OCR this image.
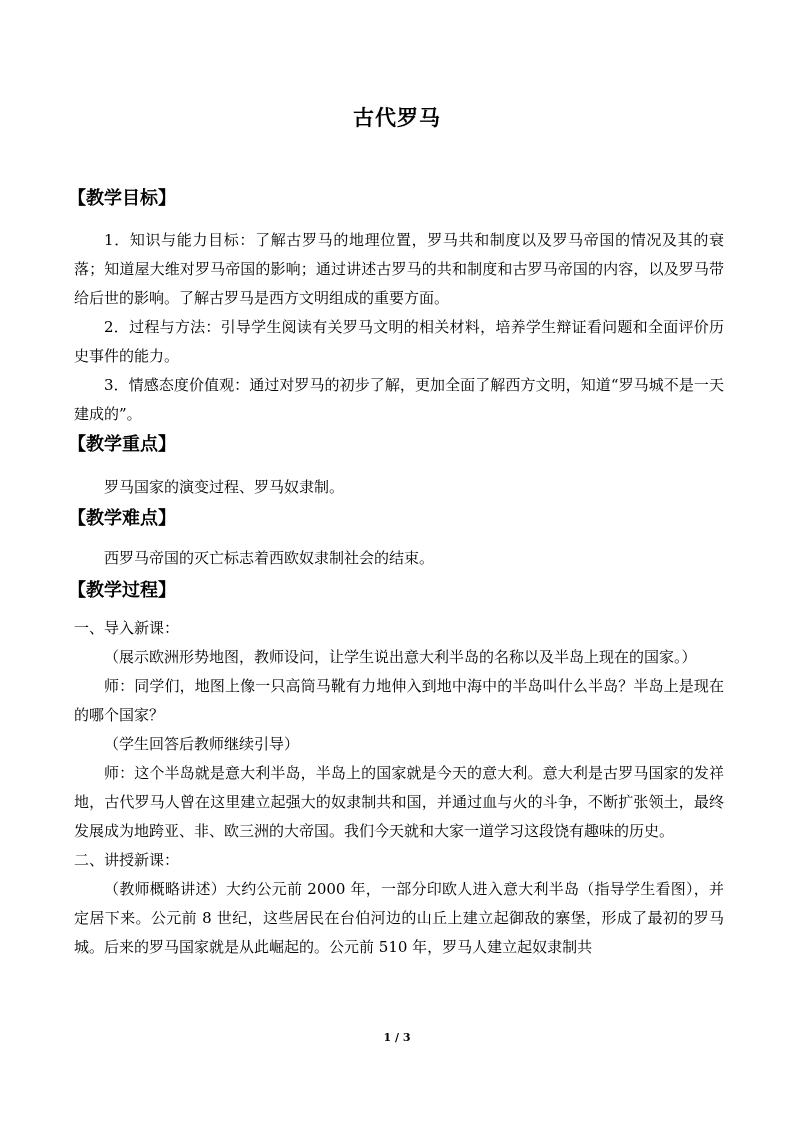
古代罗马
【教学目标】

1．知识与能力目标：了解古罗马的地理位置，罗马共和制度以及罗马帝国的情况及其的衰落；知道屋大维对罗马帝国的影响；通过讲述古罗马的共和制度和古罗马帝国的内容，以及罗马带给后世的影响。了解古罗马是西方文明组成的重要方面。

2．过程与方法：引导学生阅读有关罗马文明的相关材料，培养学生辩证看问题和全面评价历史事件的能力。

3．情感态度价值观：通过对罗马的初步了解，更加全面了解西方文明，知道“罗马城不是一天建成的”。

【教学重点】

罗马国家的演变过程、罗马奴隶制。

【教学难点】

西罗马帝国的灭亡标志着西欧奴隶制社会的结束。

【教学过程】

一、导入新课：

（展示欧洲形势地图，教师设问，让学生说出意大利半岛的名称以及半岛上现在的国家。）

师：同学们，地图上像一只高筒马靴有力地伸入到地中海中的半岛叫什么半岛？半岛上是现在的哪个国家？

（学生回答后教师继续引导）

师：这个半岛就是意大利半岛，半岛上的国家就是今天的意大利。意大利是古罗马国家的发祥地，古代罗马人曾在这里建立起强大的奴隶制共和国，并通过血与火的斗争，不断扩张领土，最终发展成为地跨亚、非、欧三洲的大帝国。我们今天就和大家一道学习这段饶有趣味的历史。

二、讲授新课：

（教师概略讲述）大约公元前 2000 年，一部分印欧人进入意大利半岛（指导学生看图），并定居下来。公元前 8 世纪，这些居民在台伯河边的山丘上建立起御敌的寨堡，形成了最初的罗马城。后来的罗马国家就是从此崛起的。公元前 510 年，罗马人建立起奴隶制共

1 / 3
